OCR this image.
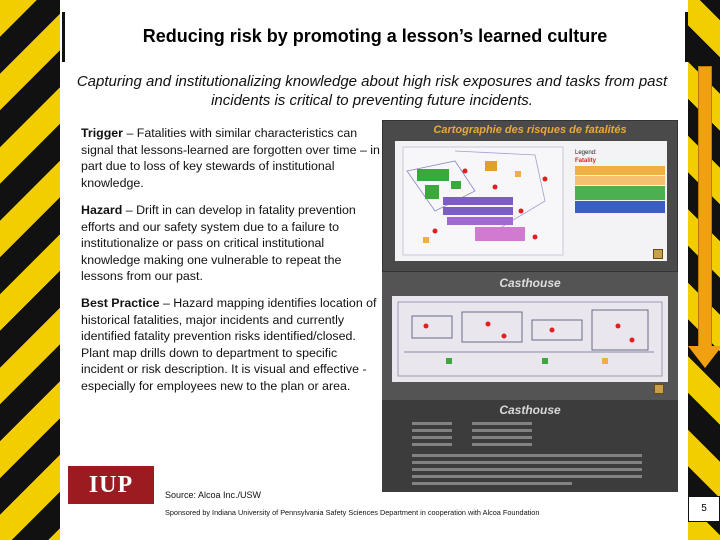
Reducing risk by promoting a lesson’s learned culture
Capturing and institutionalizing knowledge about high risk exposures and tasks from past incidents is critical to preventing future incidents.
Trigger – Fatalities with similar characteristics can signal that lessons-learned are forgotten over time – in part due to loss of key stewards of institutional knowledge.
Hazard – Drift in can develop in fatality prevention efforts and our safety system due to a failure to institutionalize or pass on critical institutional knowledge making one vulnerable to repeat the lessons from our past.
Best Practice – Hazard mapping identifies location of historical fatalities, major incidents and currently identified fatality prevention risks identified/closed. Plant map drills down to department to specific incident or risk description. It is visual and effective -especially for employees new to the plan or area.
Cartographie des risques de fatalités
Legend:
Fatality
Casthouse
Casthouse
IUP	Source: Alcoa Inc./USW
Sponsored by Indiana University of Pennsylvania Safety Sciences Department in cooperation with Alcoa Foundation	5
